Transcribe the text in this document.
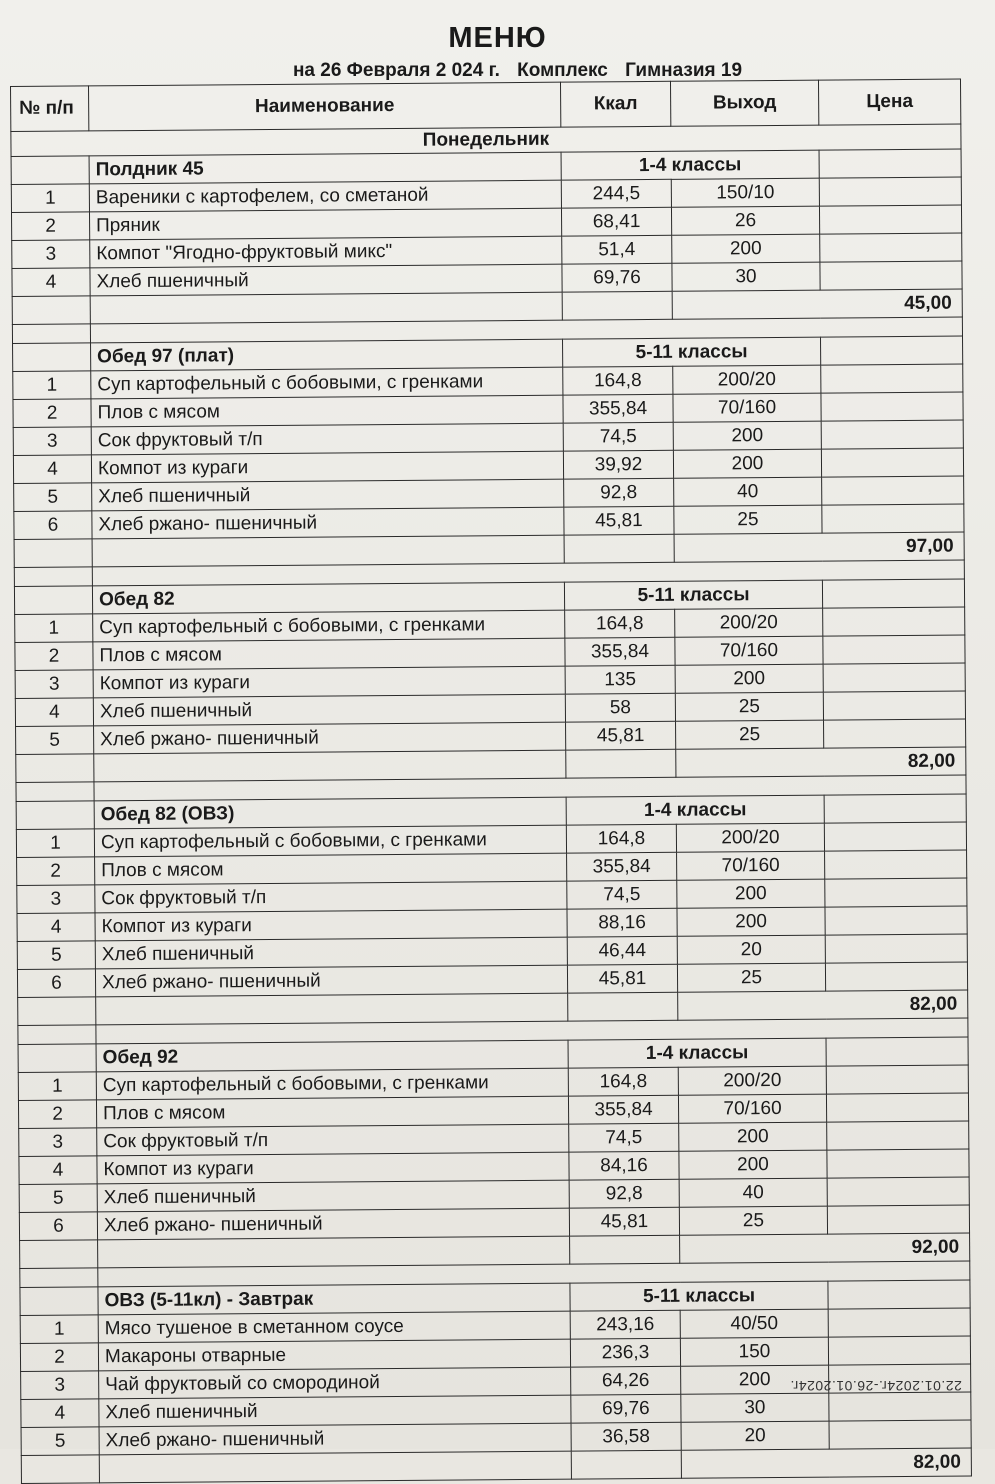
МЕНЮ
на 26 Февраля 2 024 г. Комплекс Гимназия 19
№ п/п	Наименование	Ккал	Выход	Цена
Понедельник				
	Полдник 45	1-4 классы		
1	Вареники с картофелем, со сметаной	244,5	150/10	
2	Пряник	68,41	26	
3	Компот "Ягодно-фруктовый микс"	51,4	200	
4	Хлеб пшеничный	69,76	30	
			45,00	

	Обед 97 (плат)	5-11 классы		
1	Суп картофельный с бобовыми, с гренками	164,8	200/20	
2	Плов с мясом	355,84	70/160	
3	Сок фруктовый т/п	74,5	200	
4	Компот из кураги	39,92	200	
5	Хлеб пшеничный	92,8	40	
6	Хлеб ржано- пшеничный	45,81	25	
			97,00	

	Обед 82	5-11 классы		
1	Суп картофельный с бобовыми, с гренками	164,8	200/20	
2	Плов с мясом	355,84	70/160	
3	Компот из кураги	135	200	
4	Хлеб пшеничный	58	25	
5	Хлеб ржано- пшеничный	45,81	25	
			82,00	

	Обед 82 (ОВЗ)	1-4 классы		
1	Суп картофельный с бобовыми, с гренками	164,8	200/20	
2	Плов с мясом	355,84	70/160	
3	Сок фруктовый т/п	74,5	200	
4	Компот из кураги	88,16	200	
5	Хлеб пшеничный	46,44	20	
6	Хлеб ржано- пшеничный	45,81	25	
			82,00	

	Обед 92	1-4 классы		
1	Суп картофельный с бобовыми, с гренками	164,8	200/20	
2	Плов с мясом	355,84	70/160	
3	Сок фруктовый т/п	74,5	200	
4	Компот из кураги	84,16	200	
5	Хлеб пшеничный	92,8	40	
6	Хлеб ржано- пшеничный	45,81	25	
			92,00	

	ОВЗ (5-11кл) - Завтрак	5-11 классы		
1	Мясо тушеное в сметанном соусе	243,16	40/50	
2	Макароны отварные	236,3	150	
3	Чай фруктовый со смородиной	64,26	200	
4	Хлеб пшеничный	69,76	30	
5	Хлеб ржано- пшеничный	36,58	20	
			82,00	
22.01.2024г.-26.01.2024г.
